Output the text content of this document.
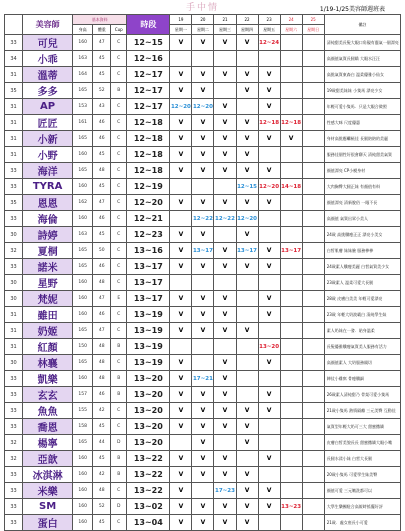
手中情	1/19-1/25美容師週班表
	美容師	基本資料			時段	19	20	21	22	23	24	25	備註
		身高	體重	Cup		星期一	星期二	星期三	星期四	星期五	星期六	星期日	
33	可兒	160	47	C	12~15	V	V	V	V	12~24			清純甜美長髮大眼口角靚有靈氣一個漂亮
34	小乖	163	45	C	12~16								高顏值氣質長腿嬌 大眼水汪汪
31	溫蒂	164	45	C	12~17	V	V	V	V	V			高挑氣質東森白 溫柔優雅小仙女
35	多多	165	52	B	12~17	V	V		V	V			19歲甜美妹妹 小隻馬 漂亮少女
31	AP	153	43	C	12~17	12~20	12~20	V		V			年輕可愛小隻馬．只是大眼合徵照
31	匠匠	161	46	C	12~18	V	V	V	V	12~18	12~18		性感大咪 尺度優惠
31	小新	165	46	C	12~18	V	V	V	V	V	V		身材高挑應繼極佳 長腿陪陪的美麗
31	小野	160	45	C	12~18	V	V	V	V				服務佳個性好很會聊天 清純甜美氣質
33	海洋	165	48	C	12~18	V	V	V	V	V			顏值漂亮 CP小模身材
33	TYRA	160	45	C	12~19				12~15	12~20	14~18		大肉胸臀大腿正妹 有顏值有料
35	恩恩	162	47	C	12~20	V	V	V	V	V			顏值漂亮 清新脫俗 一眼不長
33	海倫	160	46	C	12~21		12~22	12~22	12~20				高顏值 氣質出眾小美人
30	詩婷	163	45	C	12~23	V	V		V				24歲 高挑纖瘦正正 漂亮小美女
32	夏桐	165	50	C	13~16	V	13~17	V	13~17	V	13~17		白晢肌膚 妹妹臉 服務棒棒
33	諾米	165	46	C	13~17	V	V	V	V	V			24歲素人纖瘦美麗 白皙氣質美少女
30	星野	160	48	C	13~17								23歲素人 溫柔可愛大長腿
30	梵妮	160	47	E	13~17	V	V	V		V			28歲 皮膚白美美 年輕可愛漂亮
31	雖田	160	46	C	13~19	V	V	V		V			23歲 年輕大奶波霸白 清純學生妹
31	奶姬	165	47	C	13~19	V	V	V	V				素人奶妹在一發．貼身溫柔
31	紅顏	150	48	B	13~19					13~20			長髮優雅纖瘦氣質美人服務有活力
30	林襄	165	48	C	13~19	V		V		V			高顏值素人 大奶服務親切
33	凱樂	160	48	B	13~20	V	17~21	V					陣仗小雞窩 骨瘦纖細
33	玄玄	157	46	B	13~20	V	V	V		V			26歲素人清純甜乃 骨架可愛小隻馬
33	魚魚	155	42	C	13~20	V	V	V	V	V			21歲小隻馬 熱情隔離 三元美臀 互動佳
33	喬恩	158	45	C	13~20	V	V	V	V				氣質型年輕大奶可三大 甜蜜撒嬌
32	楊寧	165	44	D	13~20		V		V				皮膚白晢美貌長長 甜蜜撒嬌大眼小嘴
32	亞歆	160	45	B	13~22	V	V	V		V			長腿水漾小妹 白皙大長腿
33	冰淇淋	160	42	B	13~22	V	V	V	V				20歲小隻馬 可愛學生妹美臀
33	米樂	160	48	C	13~22	V		17~23	V	V			顏值可愛 三元嫩洗都可以
33	SM	160	52	D	13~02	V	V	V	V	V	13~23		大學生樂團駐合高報時搖擺好評
33	蛋白	160	45	C	13~04	V	V	V	V				21歲．處女座長小可愛
